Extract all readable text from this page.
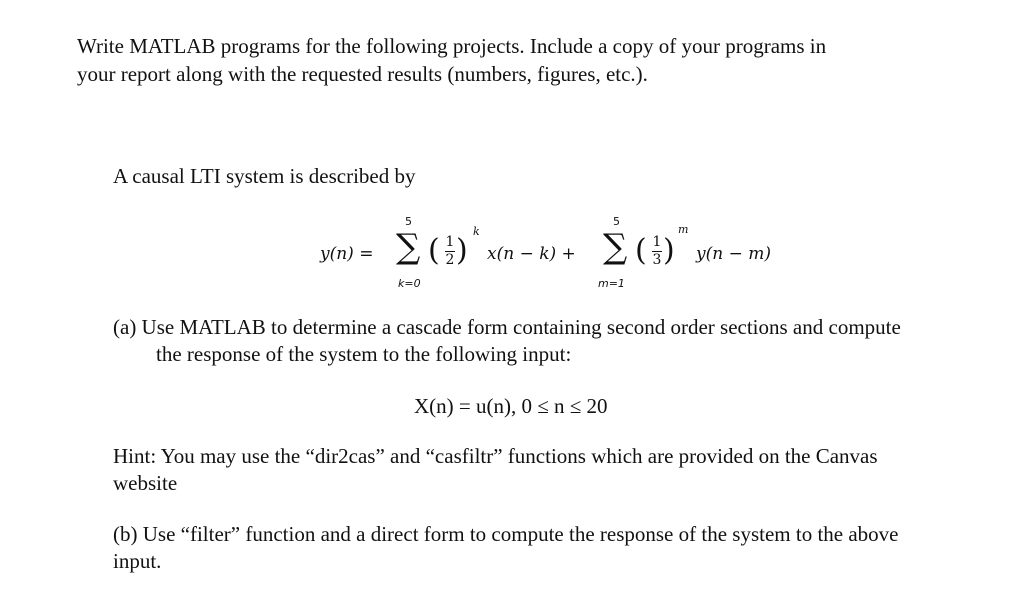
Write MATLAB programs for the following projects. Include a copy of your programs in
your report along with the requested results (numbers, figures, etc.).
A causal LTI system is described by
y(n) =
5
∑
k=0
( 1
2 )
k
x(n − k) +
5
∑
m=1
( 1
3 )
m
y(n − m)
(a) Use MATLAB to determine a cascade form containing second order sections and compute
the response of the system to the following input:
X(n) = u(n), 0 ≤ n ≤ 20
Hint: You may use the “dir2cas” and “casfiltr” functions which are provided on the Canvas
website
(b) Use “filter” function and a direct form to compute the response of the system to the above
input.
